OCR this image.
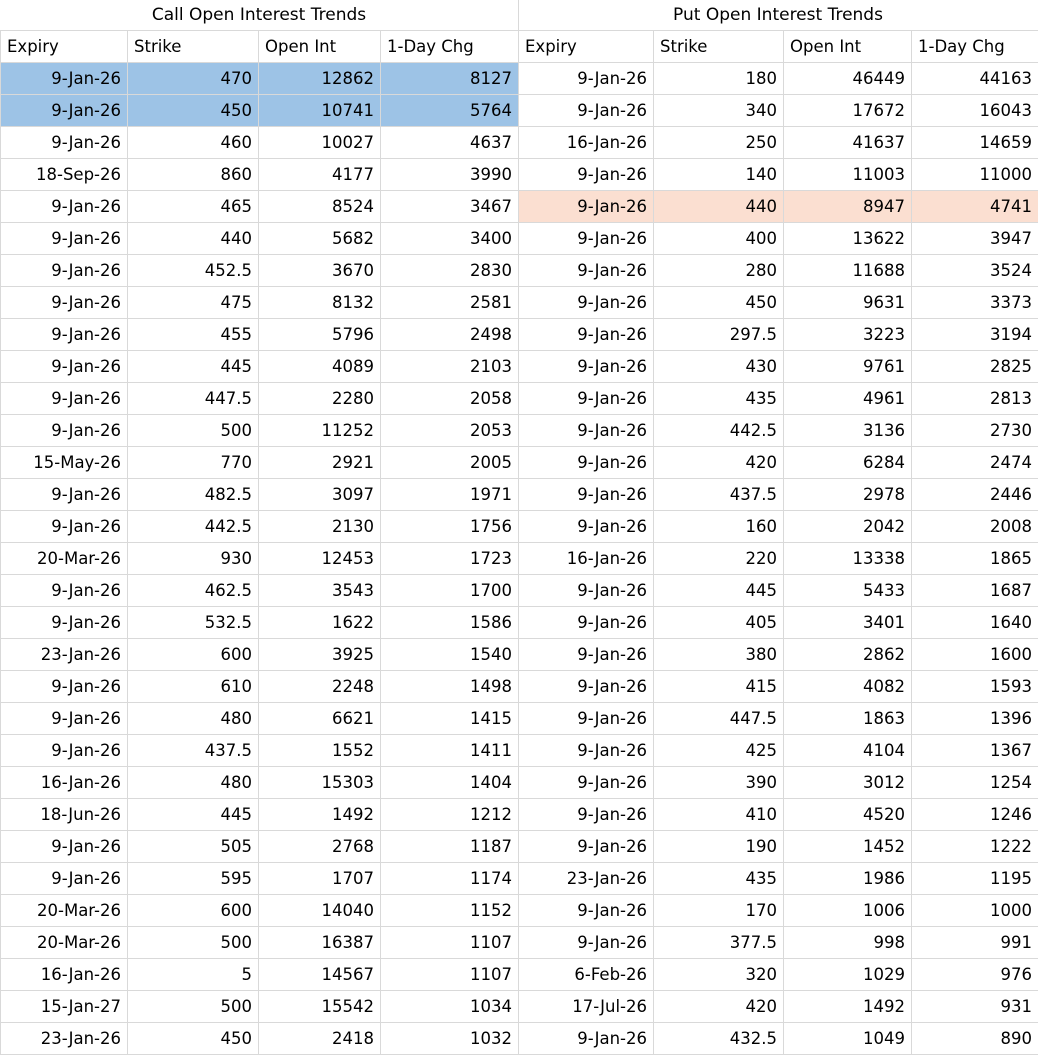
Call Open Interest Trends	Put Open Interest Trends
Expiry	Strike	Open Int	1-Day Chg	Expiry	Strike	Open Int	1-Day Chg
9-Jan-26	470	12862	8127	9-Jan-26	180	46449	44163
9-Jan-26	450	10741	5764	9-Jan-26	340	17672	16043
9-Jan-26	460	10027	4637	16-Jan-26	250	41637	14659
18-Sep-26	860	4177	3990	9-Jan-26	140	11003	11000
9-Jan-26	465	8524	3467	9-Jan-26	440	8947	4741
9-Jan-26	440	5682	3400	9-Jan-26	400	13622	3947
9-Jan-26	452.5	3670	2830	9-Jan-26	280	11688	3524
9-Jan-26	475	8132	2581	9-Jan-26	450	9631	3373
9-Jan-26	455	5796	2498	9-Jan-26	297.5	3223	3194
9-Jan-26	445	4089	2103	9-Jan-26	430	9761	2825
9-Jan-26	447.5	2280	2058	9-Jan-26	435	4961	2813
9-Jan-26	500	11252	2053	9-Jan-26	442.5	3136	2730
15-May-26	770	2921	2005	9-Jan-26	420	6284	2474
9-Jan-26	482.5	3097	1971	9-Jan-26	437.5	2978	2446
9-Jan-26	442.5	2130	1756	9-Jan-26	160	2042	2008
20-Mar-26	930	12453	1723	16-Jan-26	220	13338	1865
9-Jan-26	462.5	3543	1700	9-Jan-26	445	5433	1687
9-Jan-26	532.5	1622	1586	9-Jan-26	405	3401	1640
23-Jan-26	600	3925	1540	9-Jan-26	380	2862	1600
9-Jan-26	610	2248	1498	9-Jan-26	415	4082	1593
9-Jan-26	480	6621	1415	9-Jan-26	447.5	1863	1396
9-Jan-26	437.5	1552	1411	9-Jan-26	425	4104	1367
16-Jan-26	480	15303	1404	9-Jan-26	390	3012	1254
18-Jun-26	445	1492	1212	9-Jan-26	410	4520	1246
9-Jan-26	505	2768	1187	9-Jan-26	190	1452	1222
9-Jan-26	595	1707	1174	23-Jan-26	435	1986	1195
20-Mar-26	600	14040	1152	9-Jan-26	170	1006	1000
20-Mar-26	500	16387	1107	9-Jan-26	377.5	998	991
16-Jan-26	5	14567	1107	6-Feb-26	320	1029	976
15-Jan-27	500	15542	1034	17-Jul-26	420	1492	931
23-Jan-26	450	2418	1032	9-Jan-26	432.5	1049	890
